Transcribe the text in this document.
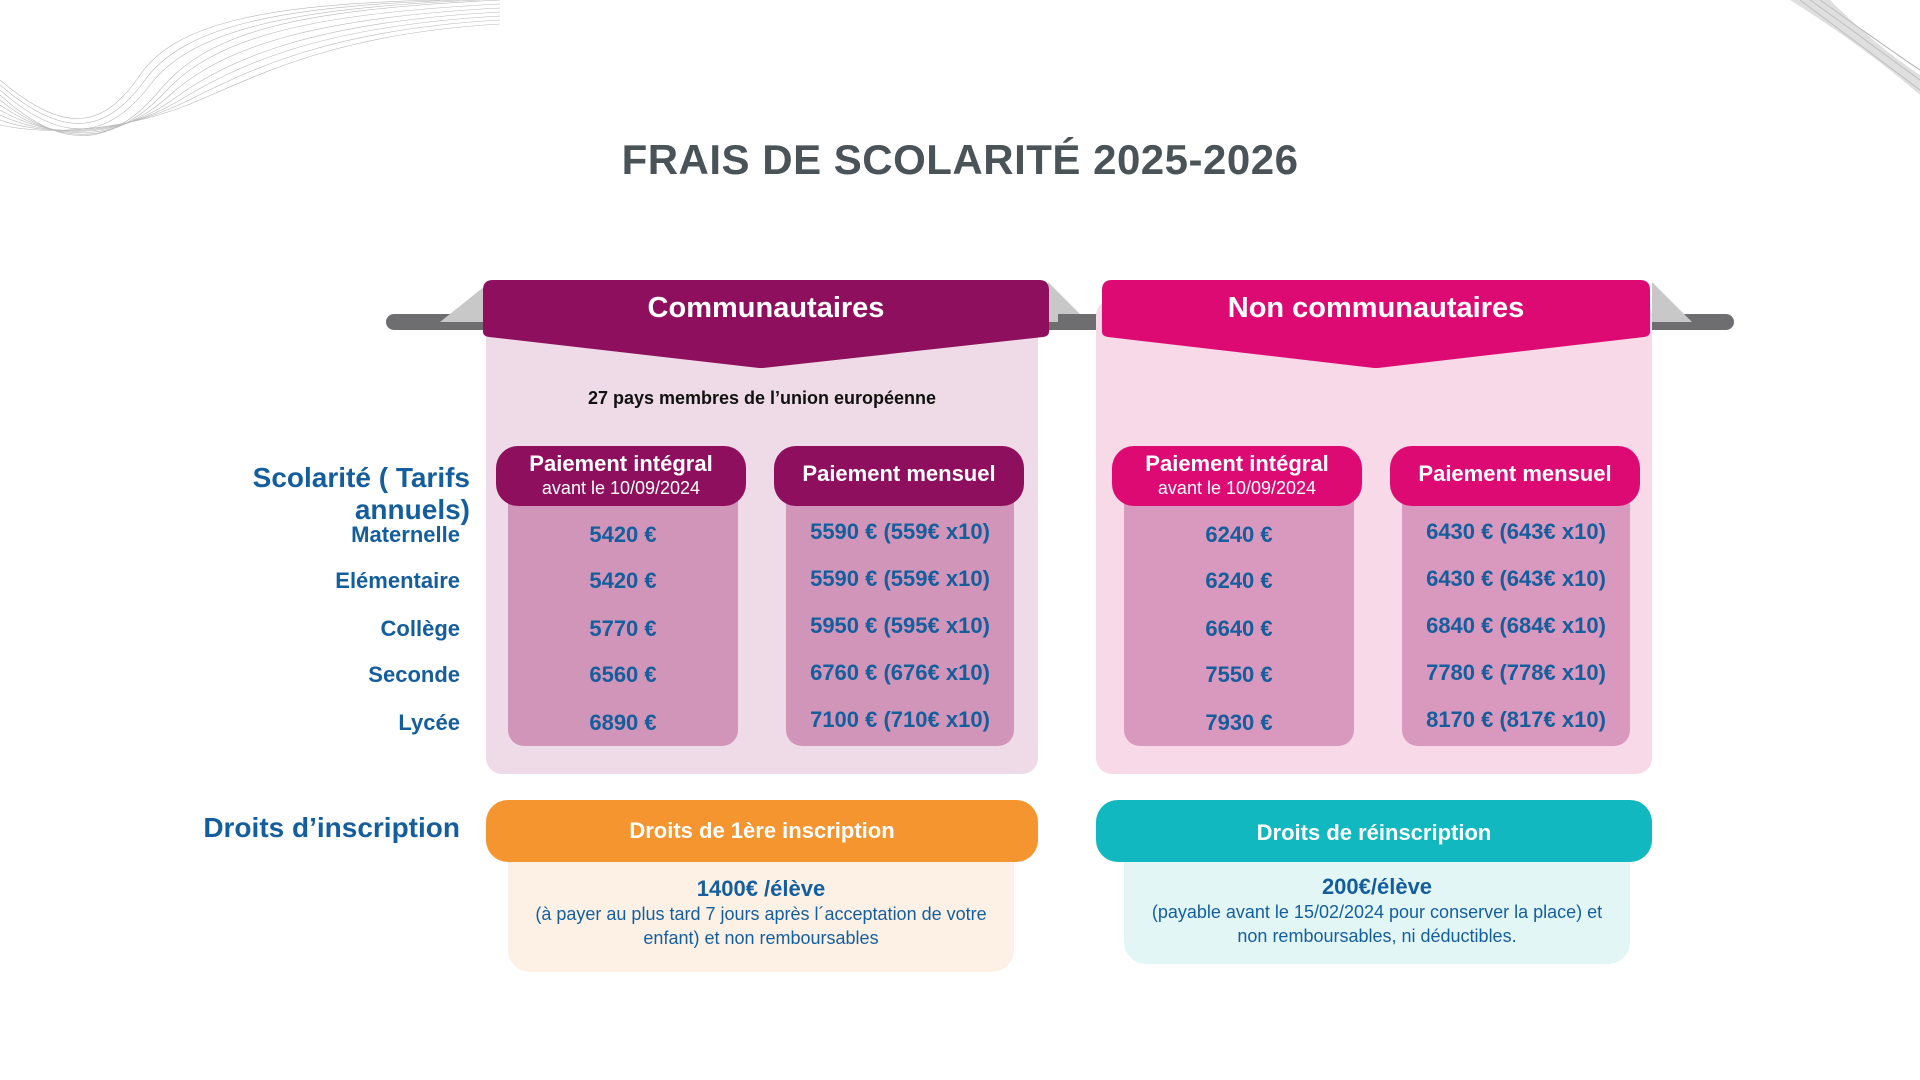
FRAIS DE SCOLARITÉ 2025-2026
Communautaires	Non communautaires
27 pays membres de l’union européenne
Scolarité ( Tarifs annuels)
Maternelle
Elémentaire
Collège
Seconde
Lycée
5420 €
5420 €
5770 €
6560 €
6890 €
5590 € (559€ x10)
5590 € (559€ x10)
5950 € (595€ x10)
6760 € (676€ x10)
7100 € (710€ x10)
Paiement intégral
avant le 10/09/2024
Paiement mensuel
6240 €
6240 €
6640 €
7550 €
7930 €
6430 € (643€ x10)
6430 € (643€ x10)
6840 € (684€ x10)
7780 € (778€ x10)
8170 € (817€ x10)
Paiement intégral
avant le 10/09/2024
Paiement mensuel
Droits d’inscription
1400€ /élève
(à payer au plus tard 7 jours après l´acceptation de votre enfant) et non remboursables
Droits de 1ère inscription
200€/élève
(payable avant le 15/02/2024 pour conserver la place) et non remboursables, ni déductibles.
Droits de réinscription
